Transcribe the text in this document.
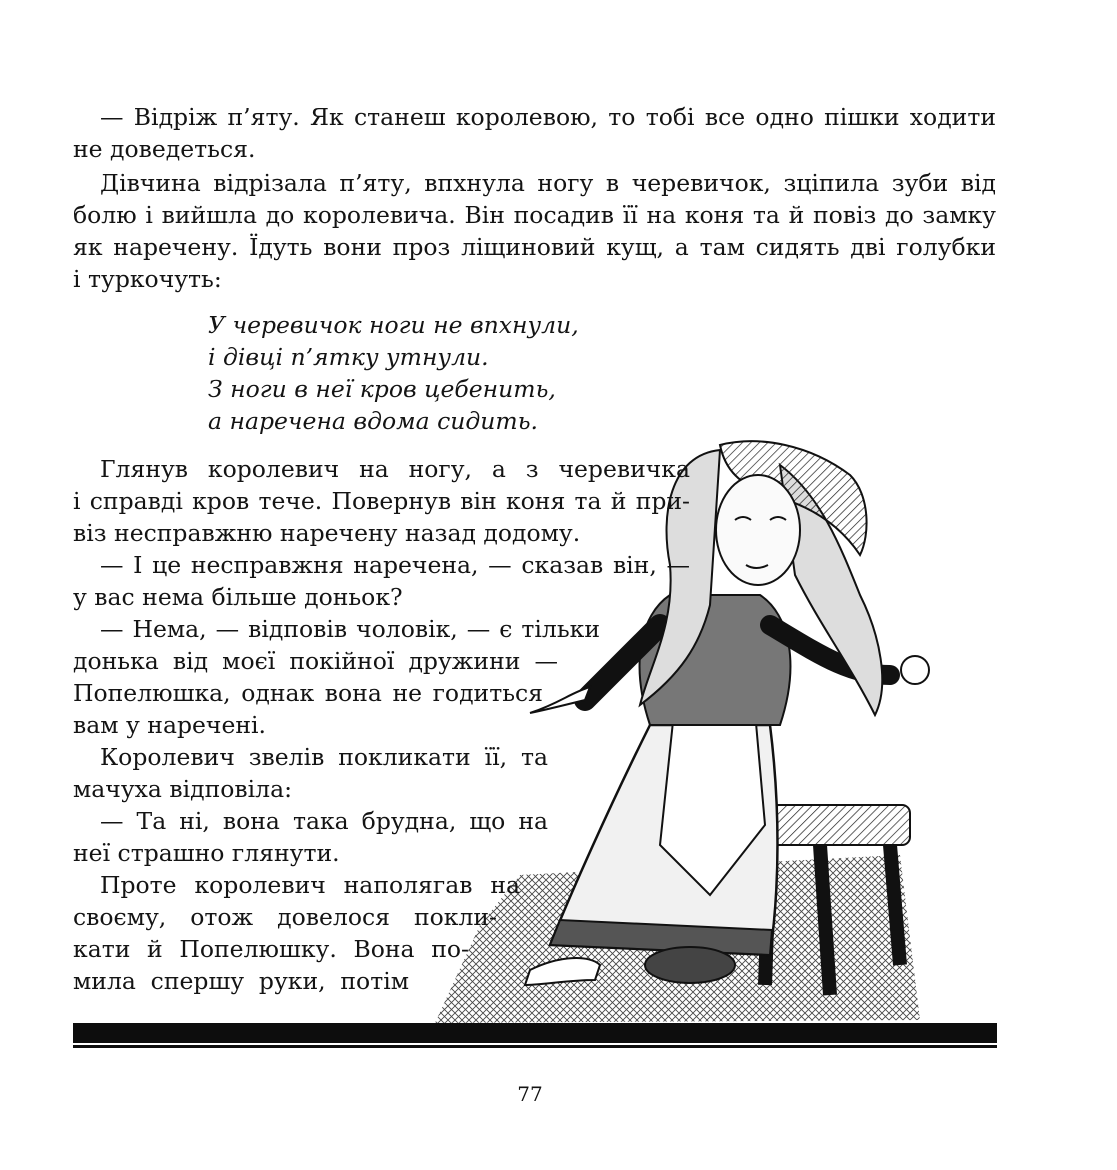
— Відріж п’яту. Як станеш королевою, то тобі все одно пішки ходити
не доведеться.
Дівчина відрізала п’яту, впхнула ногу в черевичок, зціпила зуби від
болю і вийшла до королевича. Він посадив її на коня та й повіз до замку
як наречену. Їдуть вони проз ліщиновий кущ, а там сидять дві голубки
і туркочуть:
У черевичок ноги не впхнули,
і дівці п’ятку утнули.
З ноги в неї кров цебенить,
а наречена вдома сидить.
Глянув королевич на ногу, а з черевичка
і справді кров тече. Повернув він коня та й при-
віз несправжню наречену назад додому.
— І це несправжня наречена, — сказав він, —
у вас нема більше доньок?
— Нема, — відповів чоловік, — є тільки
донька від моєї покійної дружини —
Попелюшка, однак вона не годиться
вам у наречені.
Королевич звелів покликати її, та
мачуха відповіла:
— Та ні, вона така брудна, що на
неї страшно глянути.
Проте королевич наполягав на
своєму, отож довелося покли-
кати й Попелюшку. Вона по-
мила спершу руки, потім
77
